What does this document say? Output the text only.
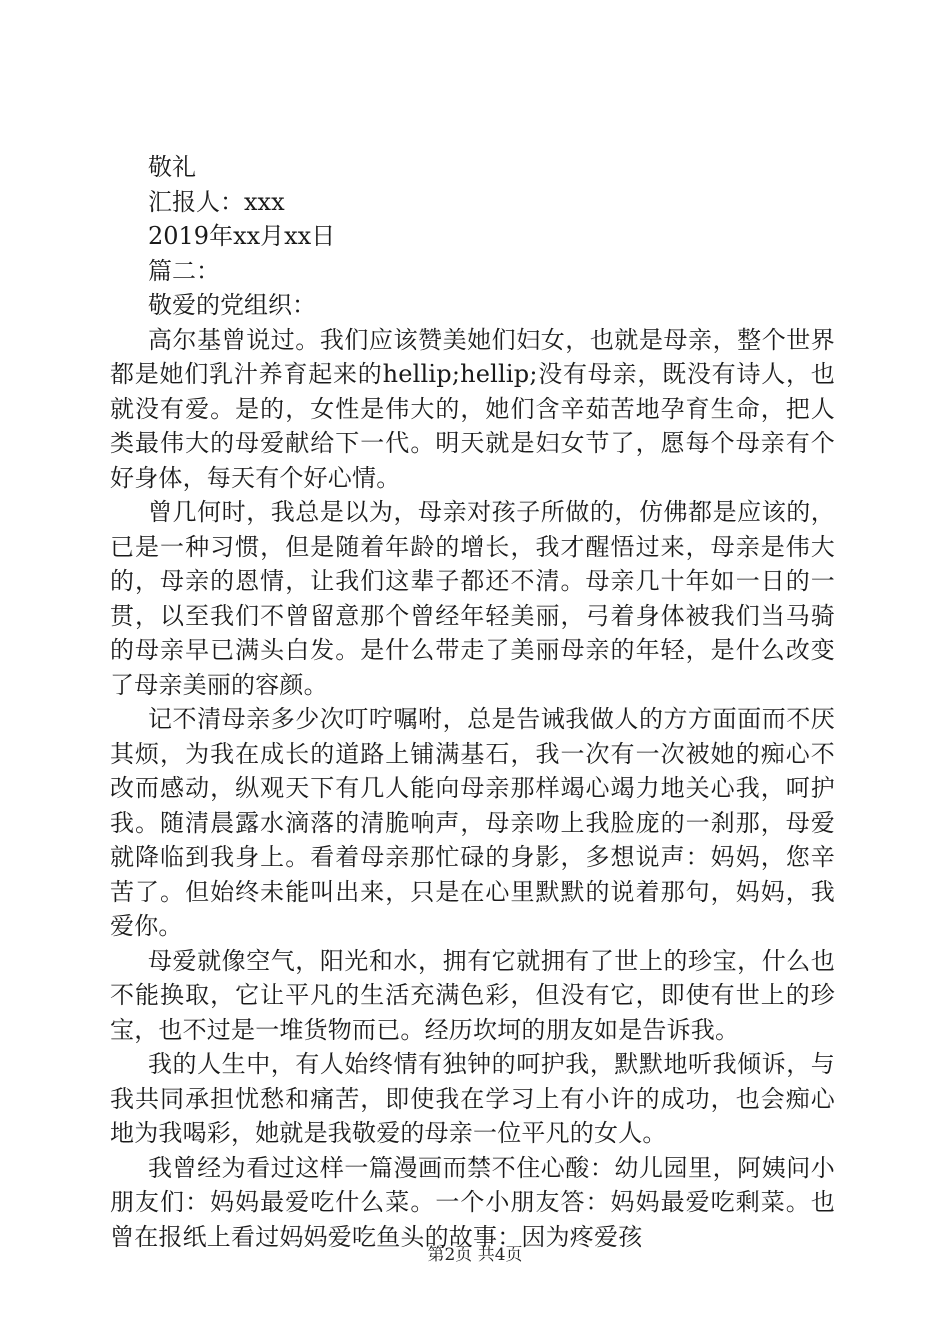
敬礼
汇报人：xxx
2019年xx月xx日
篇二：
敬爱的党组织：

高尔基曾说过。我们应该赞美她们妇女，也就是母亲，整个世界都是她们乳汁养育起来的hellip;hellip;没有母亲，既没有诗人，也就没有爱。是的，女性是伟大的，她们含辛茹苦地孕育生命，把人类最伟大的母爱献给下一代。明天就是妇女节了，愿每个母亲有个好身体，每天有个好心情。

曾几何时，我总是以为，母亲对孩子所做的，仿佛都是应该的，已是一种习惯，但是随着年龄的增长，我才醒悟过来，母亲是伟大的，母亲的恩情，让我们这辈子都还不清。母亲几十年如一日的一贯，以至我们不曾留意那个曾经年轻美丽，弓着身体被我们当马骑的母亲早已满头白发。是什么带走了美丽母亲的年轻，是什么改变了母亲美丽的容颜。

记不清母亲多少次叮咛嘱咐，总是告诫我做人的方方面面而不厌其烦，为我在成长的道路上铺满基石，我一次有一次被她的痴心不改而感动，纵观天下有几人能向母亲那样竭心竭力地关心我，呵护我。随清晨露水滴落的清脆响声，母亲吻上我脸庞的一刹那，母爱就降临到我身上。看着母亲那忙碌的身影，多想说声：妈妈，您辛苦了。但始终未能叫出来，只是在心里默默的说着那句，妈妈，我爱你。

母爱就像空气，阳光和水，拥有它就拥有了世上的珍宝，什么也不能换取，它让平凡的生活充满色彩，但没有它，即使有世上的珍宝，也不过是一堆货物而已。经历坎坷的朋友如是告诉我。

我的人生中，有人始终情有独钟的呵护我，默默地听我倾诉，与我共同承担忧愁和痛苦，即使我在学习上有小许的成功，也会痴心地为我喝彩，她就是我敬爱的母亲一位平凡的女人。

我曾经为看过这样一篇漫画而禁不住心酸：幼儿园里，阿姨问小朋友们：妈妈最爱吃什么菜。一个小朋友答：妈妈最爱吃剩菜。也曾在报纸上看过妈妈爱吃鱼头的故事：因为疼爱孩

第2页 共4页
